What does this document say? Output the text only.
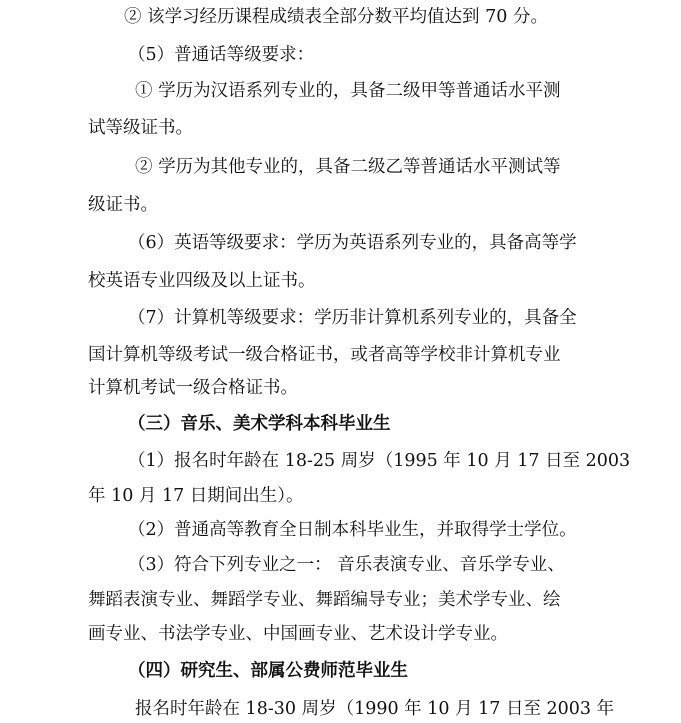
② 该学习经历课程成绩表全部分数平均值达到 70 分。
（5）普通话等级要求：
① 学历为汉语系列专业的，具备二级甲等普通话水平测
试等级证书。
② 学历为其他专业的，具备二级乙等普通话水平测试等
级证书。
（6）英语等级要求：学历为英语系列专业的，具备高等学
校英语专业四级及以上证书。
（7）计算机等级要求：学历非计算机系列专业的，具备全
国计算机等级考试一级合格证书，或者高等学校非计算机专业
计算机考试一级合格证书。
（三）音乐、美术学科本科毕业生
（1）报名时年龄在 18-25 周岁（1995 年 10 月 17 日至 2003
年 10 月 17 日期间出生）。
（2）普通高等教育全日制本科毕业生，并取得学士学位。
（3）符合下列专业之一： 音乐表演专业、音乐学专业、
舞蹈表演专业、舞蹈学专业、舞蹈编导专业；美术学专业、绘
画专业、书法学专业、中国画专业、艺术设计学专业。
（四）研究生、部属公费师范毕业生
报名时年龄在 18-30 周岁（1990 年 10 月 17 日至 2003 年
